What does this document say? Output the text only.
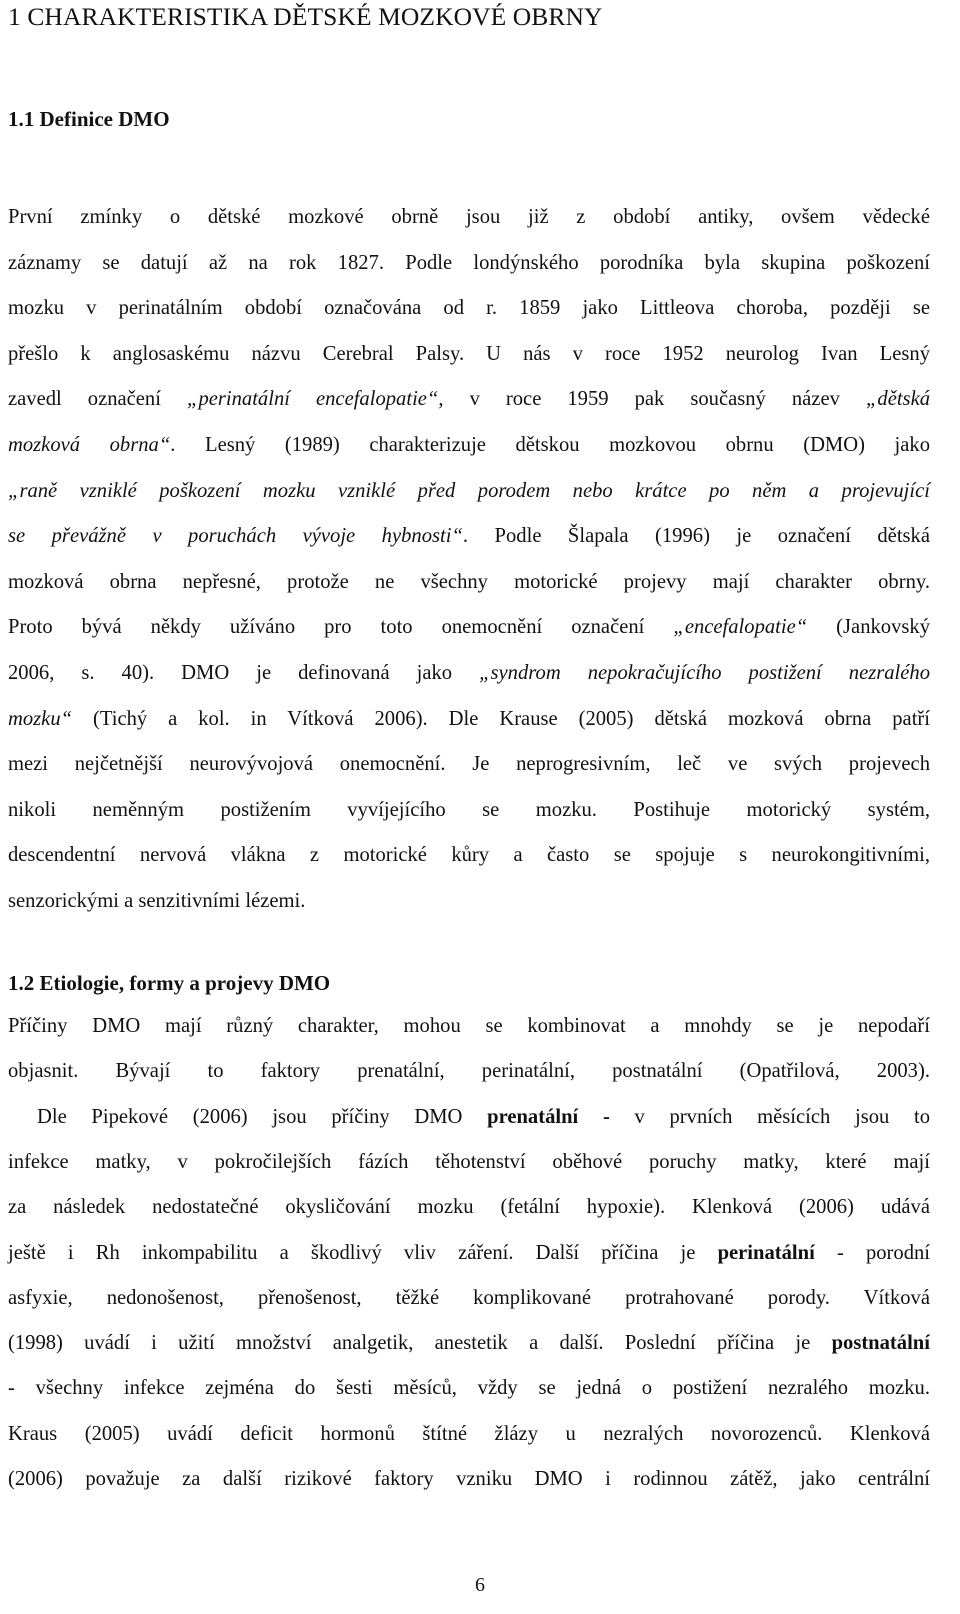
1 CHARAKTERISTIKA DĚTSKÉ MOZKOVÉ OBRNY
1.1 Definice DMO
První zmínky o dětské mozkové obrně jsou již z období antiky, ovšem vědecké
záznamy se datují až na rok 1827. Podle londýnského porodníka byla skupina poškození
mozku v perinatálním období označována od r. 1859 jako Littleova choroba, později se
přešlo k anglosaskému názvu Cerebral Palsy. U nás v roce 1952 neurolog Ivan Lesný
zavedl označení „perinatální encefalopatie“, v roce 1959 pak současný název „dětská
mozková obrna“. Lesný (1989) charakterizuje dětskou mozkovou obrnu (DMO) jako
„raně vzniklé poškození mozku vzniklé před porodem nebo krátce po něm a projevující
se převážně v poruchách vývoje hybnosti“. Podle Šlapala (1996) je označení dětská
mozková obrna nepřesné, protože ne všechny motorické projevy mají charakter obrny.
Proto bývá někdy užíváno pro toto onemocnění označení „encefalopatie“ (Jankovský
2006, s. 40). DMO je definovaná jako „syndrom nepokračujícího postižení nezralého
mozku“ (Tichý a kol. in Vítková 2006). Dle Krause (2005) dětská mozková obrna patří
mezi nejčetnější neurovývojová onemocnění. Je neprogresivním, leč ve svých projevech
nikoli neměnným postižením vyvíjejícího se mozku. Postihuje motorický systém,
descendentní nervová vlákna z motorické kůry a často se spojuje s neurokongitivními,
senzorickými a senzitivními lézemi.
1.2 Etiologie, formy a projevy DMO
Příčiny DMO mají různý charakter, mohou se kombinovat a mnohdy se je nepodaří
objasnit. Bývají to faktory prenatální, perinatální, postnatální (Opatřilová, 2003).
Dle Pipekové (2006) jsou příčiny DMO prenatální - v prvních měsících jsou to
infekce matky, v pokročilejších fázích těhotenství oběhové poruchy matky, které mají
za následek nedostatečné okysličování mozku (fetální hypoxie). Klenková (2006) udává
ještě i Rh inkompabilitu a škodlivý vliv záření. Další příčina je perinatální - porodní
asfyxie, nedonošenost, přenošenost, těžké komplikované protrahované porody. Vítková
(1998) uvádí i užití množství analgetik, anestetik a další. Poslední příčina je postnatální
- všechny infekce zejména do šesti měsíců, vždy se jedná o postižení nezralého mozku.
Kraus (2005) uvádí deficit hormonů štítné žlázy u nezralých novorozenců. Klenková
(2006) považuje za další rizikové faktory vzniku DMO i rodinnou zátěž, jako centrální
6
